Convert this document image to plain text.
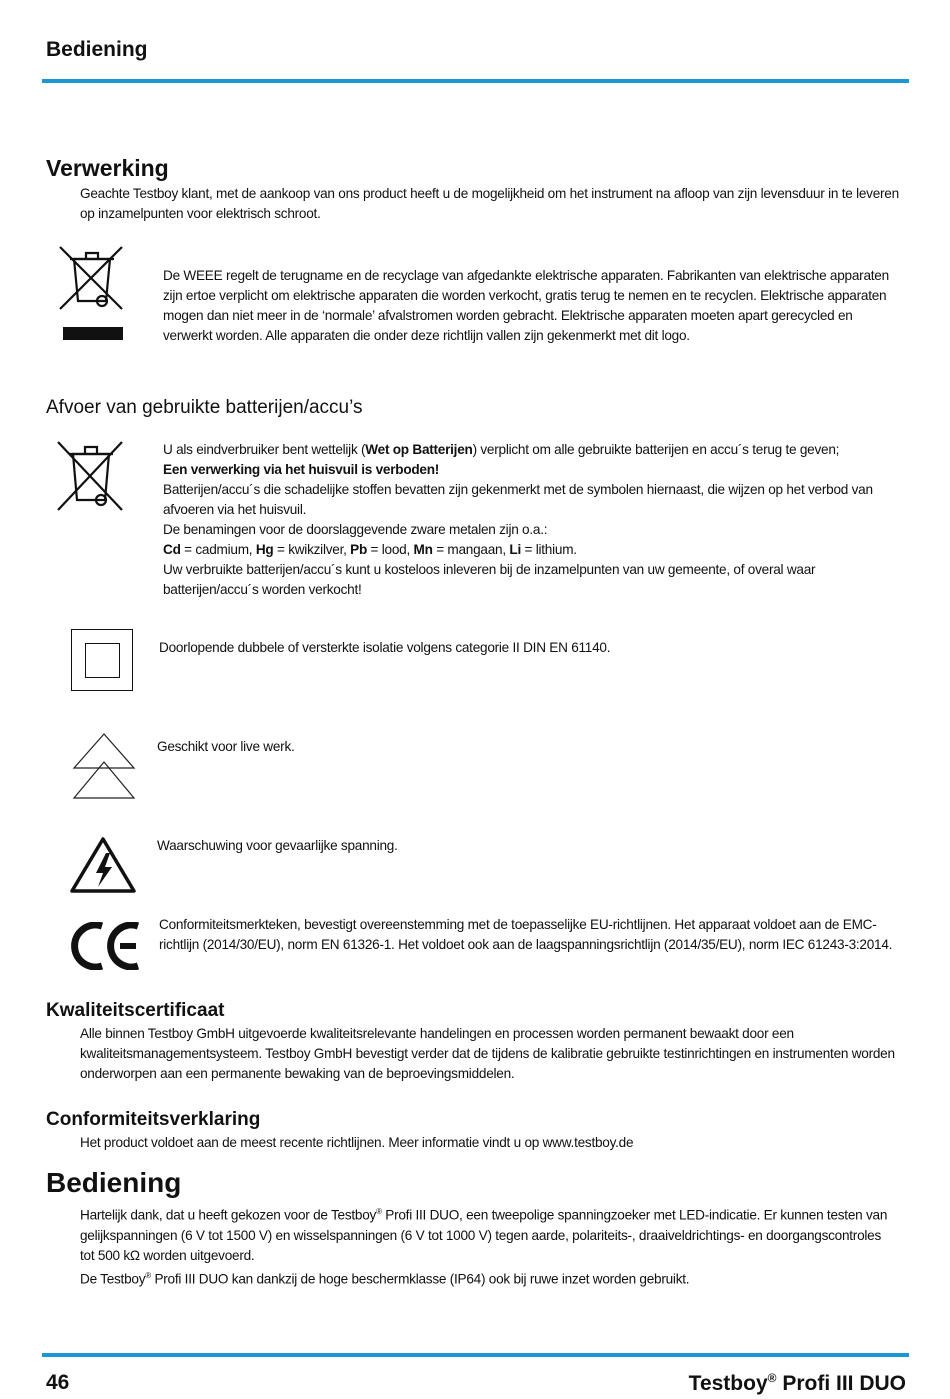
Bediening
Verwerking

Geachte Testboy klant, met de aankoop van ons product heeft u de mogelijkheid om het instrument na afloop van zijn levensduur in te leveren op inzamelpunten voor elektrisch schroot.

De WEEE regelt de terugname en de recyclage van afgedankte elektrische apparaten. Fabrikanten van elektrische apparaten zijn ertoe verplicht om elektrische apparaten die worden verkocht, gratis terug te nemen en te recyclen. Elektrische apparaten mogen dan niet meer in de ‘normale’ afvalstromen worden gebracht. Elektrische apparaten moeten apart gerecycled en verwerkt worden. Alle apparaten die onder deze richtlijn vallen zijn gekenmerkt met dit logo.

Afvoer van gebruikte batterijen/accu’s

U als eindverbruiker bent wettelijk (Wet op Batterijen) verplicht om alle gebruikte batterijen en accu´s terug te geven;

Een verwerking via het huisvuil is verboden!

Batterijen/accu´s die schadelijke stoffen bevatten zijn gekenmerkt met de symbolen hiernaast, die wijzen op het verbod van afvoeren via het huisvuil.

De benamingen voor de doorslaggevende zware metalen zijn o.a.:

Cd = cadmium, Hg = kwikzilver, Pb = lood, Mn = mangaan, Li = lithium.

Uw verbruikte batterijen/accu´s kunt u kosteloos inleveren bij de inzamelpunten van uw gemeente, of overal waar batterijen/accu´s worden verkocht!

Doorlopende dubbele of versterkte isolatie volgens categorie II DIN EN 61140.
Geschikt voor live werk.
Waarschuwing voor gevaarlijke spanning.
Conformiteitsmerkteken, bevestigt overeenstemming met de toepasselijke EU-richtlijnen. Het apparaat voldoet aan de EMC-richtlijn (2014/30/EU), norm EN 61326-1. Het voldoet ook aan de laagspanningsrichtlijn (2014/35/EU), norm IEC 61243-3:2014.
Kwaliteitscertificaat
Alle binnen Testboy GmbH uitgevoerde kwaliteitsrelevante handelingen en processen worden permanent bewaakt door een kwaliteitsmanagementsysteem. Testboy GmbH bevestigt verder dat de tijdens de kalibratie gebruikte testinrichtingen en instrumenten worden onderworpen aan een permanente bewaking van de beproevingsmiddelen.
Conformiteitsverklaring
Het product voldoet aan de meest recente richtlijnen. Meer informatie vindt u op www.testboy.de
Bediening

Hartelijk dank, dat u heeft gekozen voor de Testboy® Profi III DUO, een tweepolige spanningzoeker met LED-indicatie. Er kunnen testen van gelijkspanningen (6 V tot 1500 V) en wisselspanningen (6 V tot 1000 V) tegen aarde, polariteits-, draaiveldrichtings- en doorgangscontroles tot 500 kΩ worden uitgevoerd.

De Testboy® Profi III DUO kan dankzij de hoge beschermklasse (IP64) ook bij ruwe inzet worden gebruikt.

46	Testboy® Profi III DUO
